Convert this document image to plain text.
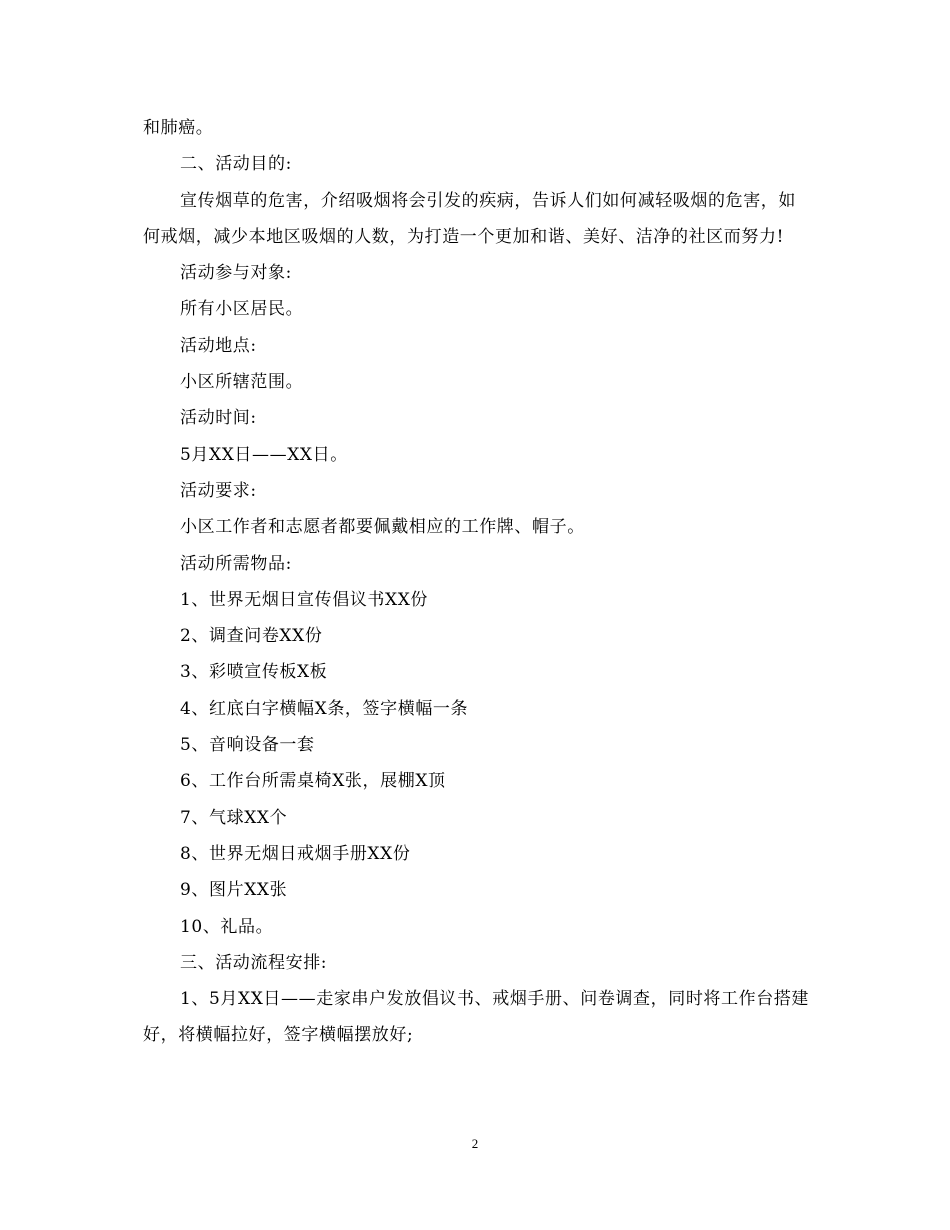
和肺癌。

二、活动目的:

宣传烟草的危害，介绍吸烟将会引发的疾病，告诉人们如何减轻吸烟的危害，如何戒烟，减少本地区吸烟的人数，为打造一个更加和谐、美好、洁净的社区而努力!

活动参与对象:

所有小区居民。

活动地点:

小区所辖范围。

活动时间:

5月XX日——XX日。

活动要求:

小区工作者和志愿者都要佩戴相应的工作牌、帽子。

活动所需物品:

1、世界无烟日宣传倡议书XX份

2、调查问卷XX份

3、彩喷宣传板X板

4、红底白字横幅X条，签字横幅一条

5、音响设备一套

6、工作台所需桌椅X张，展棚X顶

7、气球XX个

8、世界无烟日戒烟手册XX份

9、图片XX张

10、礼品。

三、活动流程安排:

1、5月XX日——走家串户发放倡议书、戒烟手册、问卷调查，同时将工作台搭建好，将横幅拉好，签字横幅摆放好;

2
